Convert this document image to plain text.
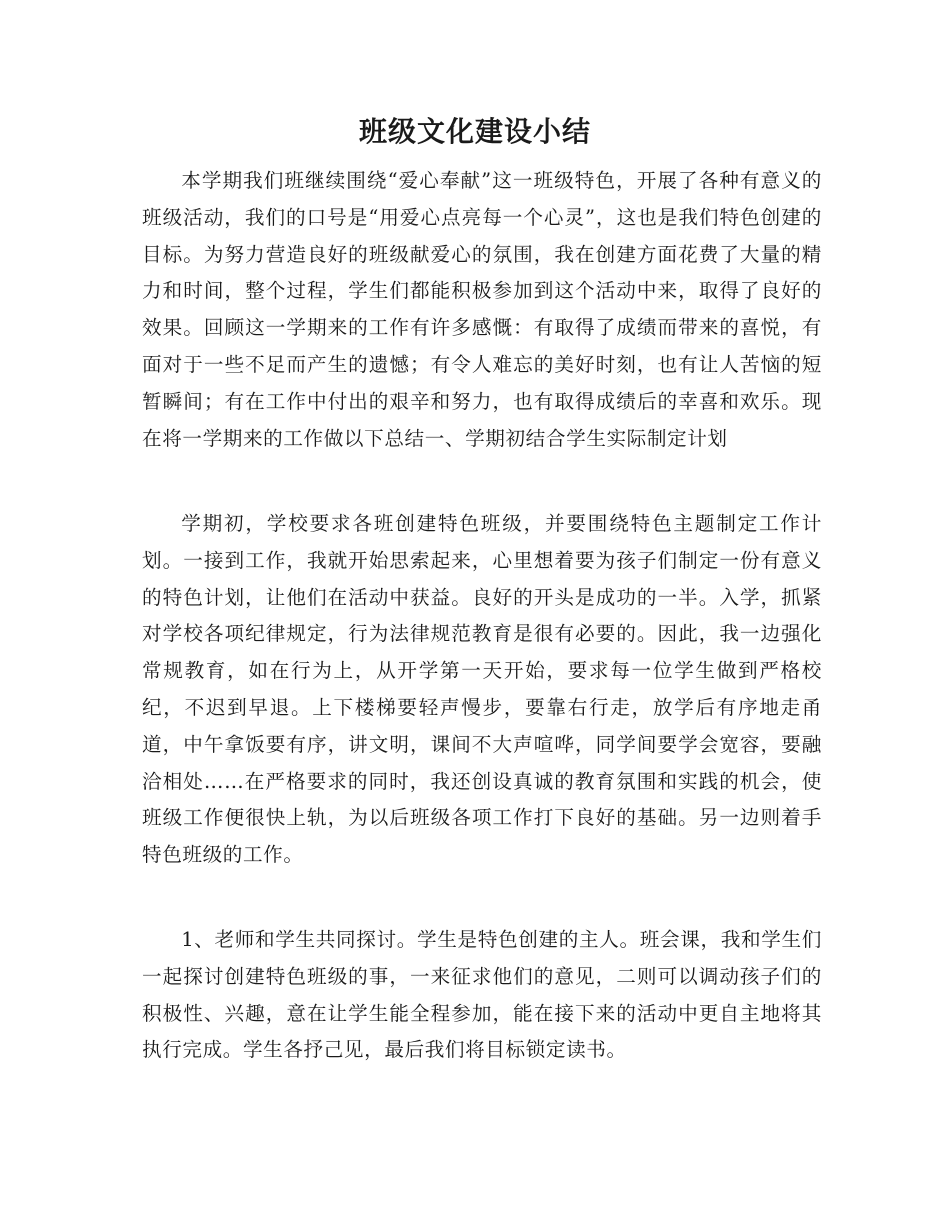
班级文化建设小结

本学期我们班继续围绕“爱心奉献”这一班级特色，开展了各种有意义的班级活动，我们的口号是“用爱心点亮每一个心灵”，这也是我们特色创建的目标。为努力营造良好的班级献爱心的氛围，我在创建方面花费了大量的精力和时间，整个过程，学生们都能积极参加到这个活动中来，取得了良好的效果。回顾这一学期来的工作有许多感慨：有取得了成绩而带来的喜悦，有面对于一些不足而产生的遗憾；有令人难忘的美好时刻，也有让人苦恼的短暂瞬间；有在工作中付出的艰辛和努力，也有取得成绩后的幸喜和欢乐。现在将一学期来的工作做以下总结一、学期初结合学生实际制定计划

学期初，学校要求各班创建特色班级，并要围绕特色主题制定工作计划。一接到工作，我就开始思索起来，心里想着要为孩子们制定一份有意义的特色计划，让他们在活动中获益。良好的开头是成功的一半。入学，抓紧对学校各项纪律规定，行为法律规范教育是很有必要的。因此，我一边强化常规教育，如在行为上，从开学第一天开始，要求每一位学生做到严格校纪，不迟到早退。上下楼梯要轻声慢步，要靠右行走，放学后有序地走甬道，中午拿饭要有序，讲文明，课间不大声喧哗，同学间要学会宽容，要融洽相处……在严格要求的同时，我还创设真诚的教育氛围和实践的机会，使班级工作便很快上轨，为以后班级各项工作打下良好的基础。另一边则着手特色班级的工作。

1、老师和学生共同探讨。学生是特色创建的主人。班会课，我和学生们一起探讨创建特色班级的事，一来征求他们的意见，二则可以调动孩子们的积极性、兴趣，意在让学生能全程参加，能在接下来的活动中更自主地将其执行完成。学生各抒己见，最后我们将目标锁定读书。
